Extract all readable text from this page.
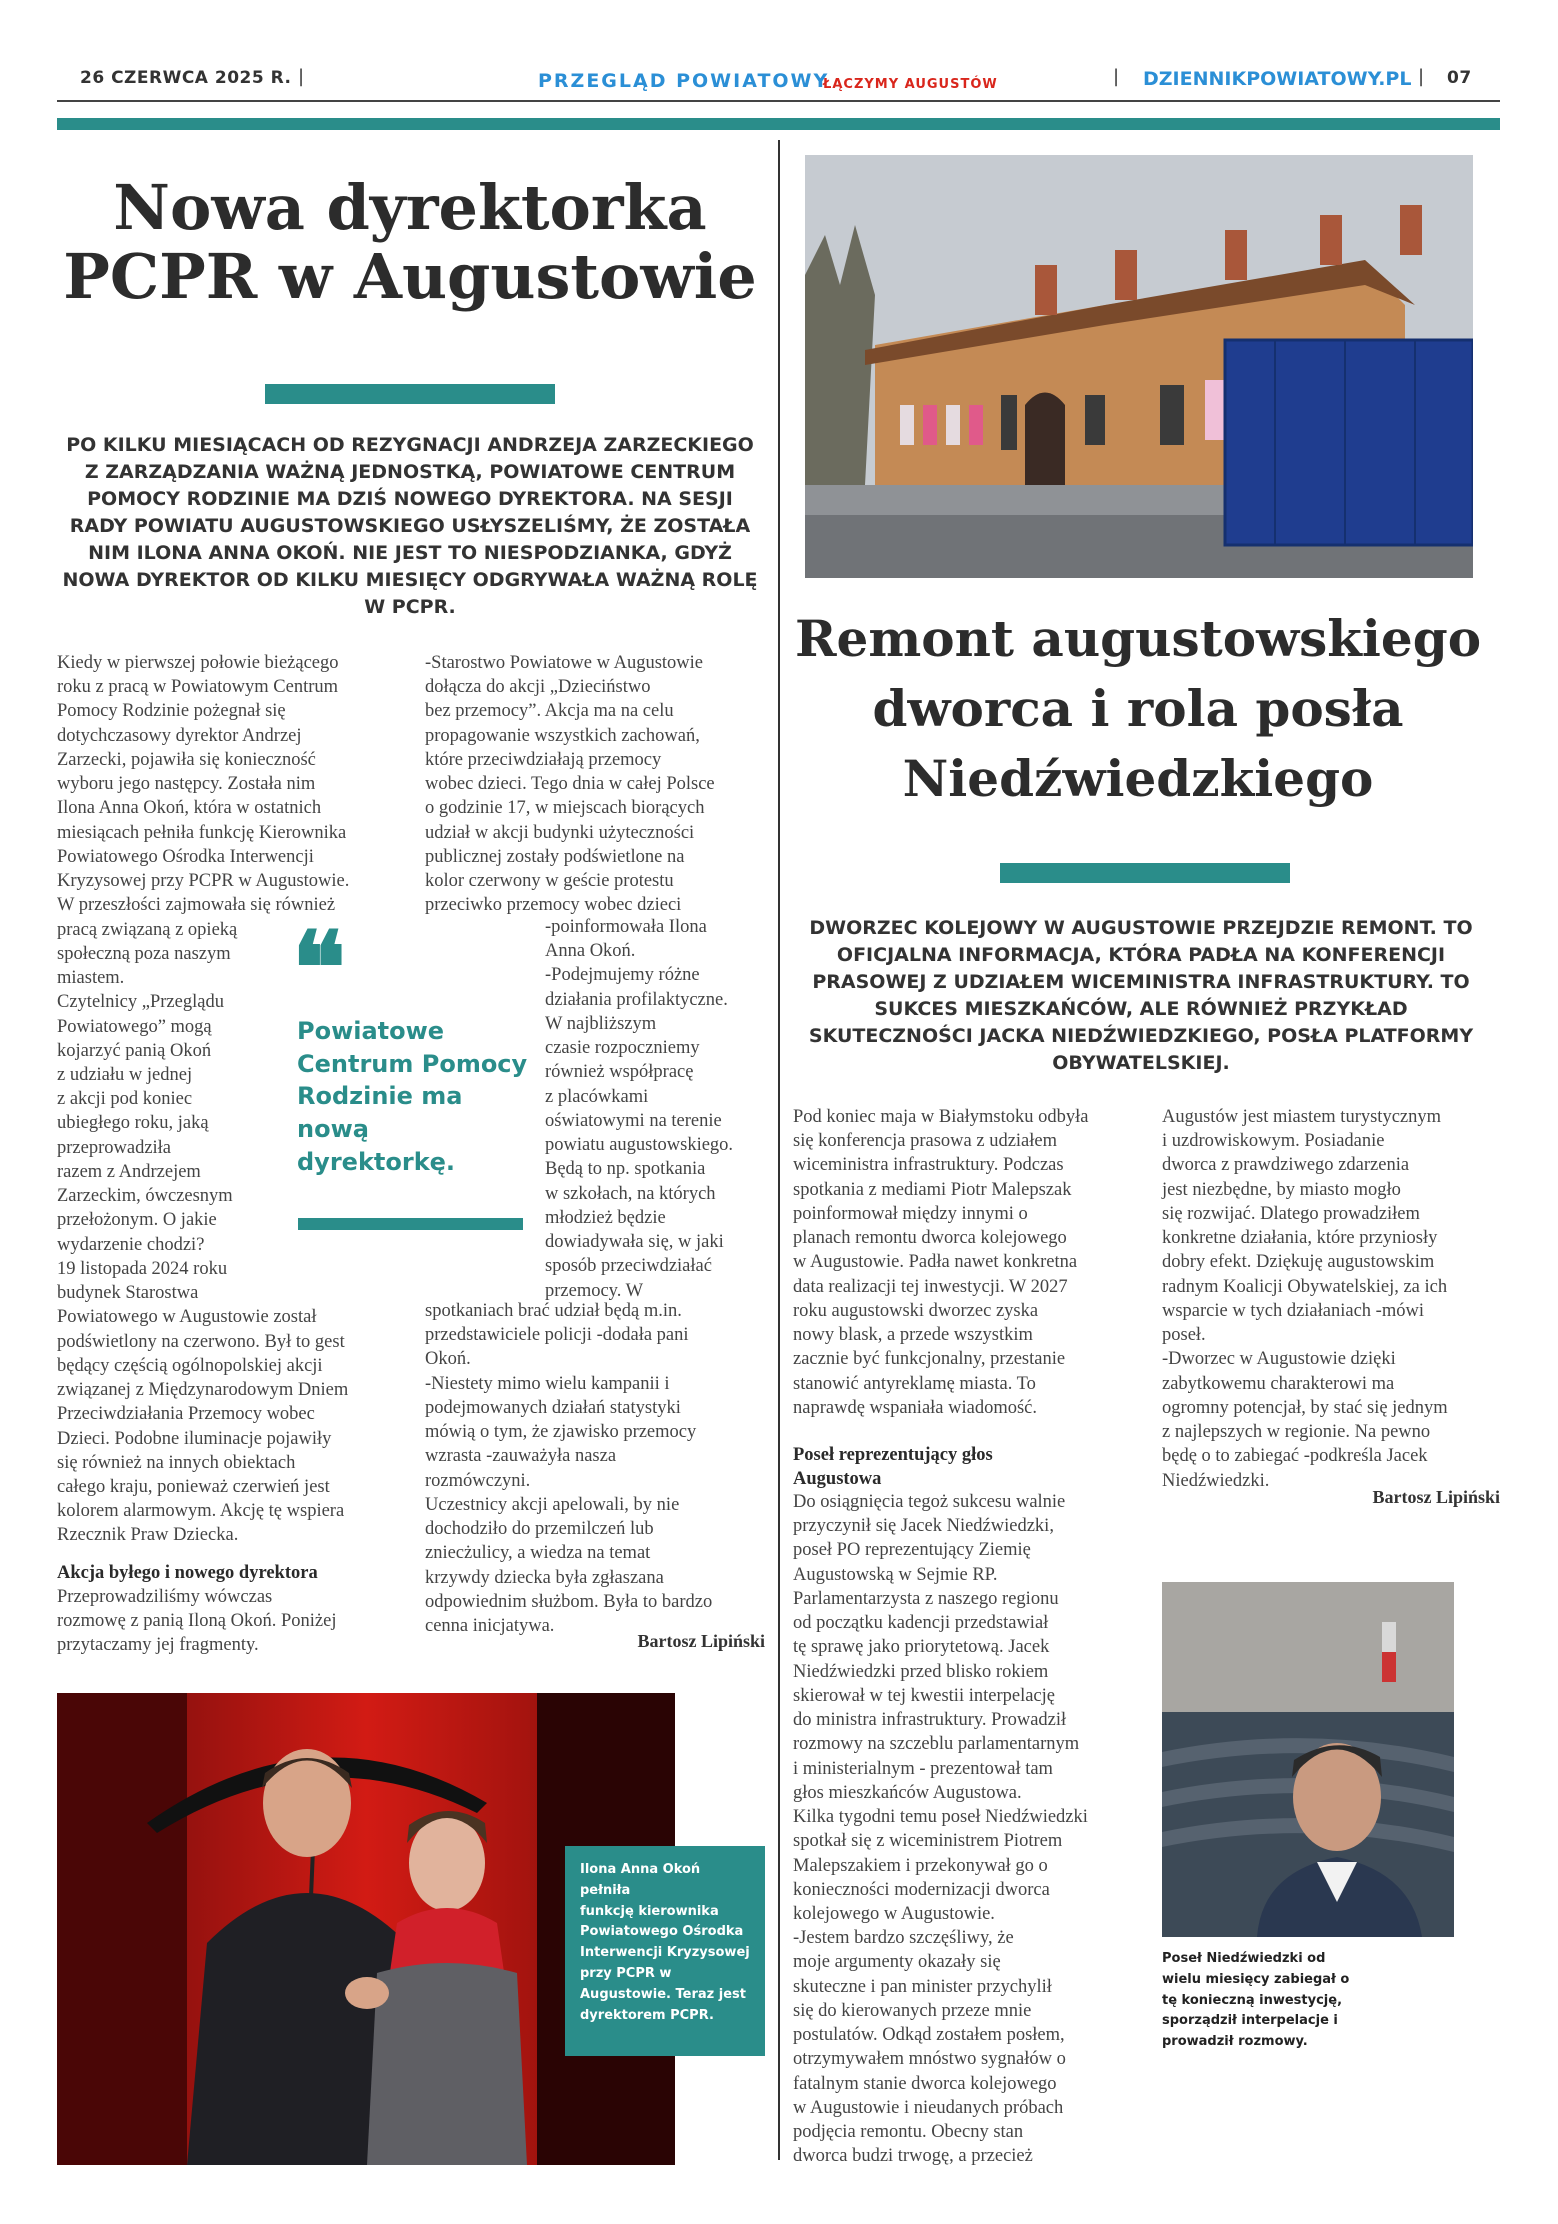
26 CZERWCA 2025 R. |	PRZEGLĄD POWIATOWY
ŁĄCZYMY AUGUSTÓW	| DZIENNIKPOWIATOWY.PL | 07
Nowa dyrektorka
PCPR w Augustowie
PO KILKU MIESIĄCACH OD REZYGNACJI ANDRZEJA ZARZECKIEGO Z ZARZĄDZANIA WAŻNĄ JEDNOSTKĄ, POWIATOWE CENTRUM POMOCY RODZINIE MA DZIŚ NOWEGO DYREKTORA. NA SESJI RADY POWIATU AUGUSTOWSKIEGO USŁYSZELIŚMY, ŻE ZOSTAŁA NIM ILONA ANNA OKOŃ. NIE JEST TO NIESPODZIANKA, GDYŻ NOWA DYREKTOR OD KILKU MIESIĘCY ODGRYWAŁA WAŻNĄ ROLĘ W PCPR.
Kiedy w pierwszej połowie bieżącego
roku z pracą w Powiatowym Centrum
Pomocy Rodzinie pożegnał się
dotychczasowy dyrektor Andrzej
Zarzecki, pojawiła się konieczność
wyboru jego następcy. Została nim
Ilona Anna Okoń, która w ostatnich
miesiącach pełniła funkcję Kierownika
Powiatowego Ośrodka Interwencji
Kryzysowej przy PCPR w Augustowie.
W przeszłości zajmowała się również
pracą związaną z opieką
społeczną poza naszym
miastem.
Czytelnicy „Przeglądu
Powiatowego” mogą
kojarzyć panią Okoń
z udziału w jednej
z akcji pod koniec
ubiegłego roku, jaką
przeprowadziła
razem z Andrzejem
Zarzeckim, ówczesnym
przełożonym. O jakie
wydarzenie chodzi?
19 listopada 2024 roku
budynek Starostwa
Powiatowego w Augustowie został
podświetlony na czerwono. Był to gest
będący częścią ogólnopolskiej akcji
związanej z Międzynarodowym Dniem
Przeciwdziałania Przemocy wobec
Dzieci. Podobne iluminacje pojawiły
się również na innych obiektach
całego kraju, ponieważ czerwień jest
kolorem alarmowym. Akcję tę wspiera
Rzecznik Praw Dziecka.
Akcja byłego i nowego dyrektora
Przeprowadziliśmy wówczas
rozmowę z panią Iloną Okoń. Poniżej
przytaczamy jej fragmenty.
-Starostwo Powiatowe w Augustowie
dołącza do akcji „Dzieciństwo
bez przemocy”. Akcja ma na celu
propagowanie wszystkich zachowań,
które przeciwdziałają przemocy
wobec dzieci. Tego dnia w całej Polsce
o godzinie 17, w miejscach biorących
udział w akcji budynki użyteczności
publicznej zostały podświetlone na
kolor czerwony w geście protestu
przeciwko przemocy wobec dzieci
-poinformowała Ilona
Anna Okoń.
-Podejmujemy różne
działania profilaktyczne.
W najbliższym
czasie rozpoczniemy
również współpracę
z placówkami
oświatowymi na terenie
powiatu augustowskiego.
Będą to np. spotkania
w szkołach, na których
młodzież będzie
dowiadywała się, w jaki
sposób przeciwdziałać
przemocy. W
spotkaniach brać udział będą m.in.
przedstawiciele policji -dodała pani
Okoń.
-Niestety mimo wielu kampanii i
podejmowanych działań statystyki
mówią o tym, że zjawisko przemocy
wzrasta -zauważyła nasza
rozmówczyni.
Uczestnicy akcji apelowali, by nie
dochodziło do przemilczeń lub
zniecżulicy, a wiedza na temat
krzywdy dziecka była zgłaszana
odpowiednim służbom. Była to bardzo
cenna inicjatywa.
❝
Powiatowe
Centrum Pomocy
Rodzinie ma nową
dyrektorkę.
Bartosz Lipiński
Ilona Anna Okoń pełniła
funkcję kierownika
Powiatowego Ośrodka
Interwencji Kryzysowej
przy PCPR w
Augustowie. Teraz jest
dyrektorem PCPR.
Remont augustowskiego
dworca i rola posła
Niedźwiedzkiego
DWORZEC KOLEJOWY W AUGUSTOWIE PRZEJDZIE REMONT. TO OFICJALNA INFORMACJA, KTÓRA PADŁA NA KONFERENCJI PRASOWEJ Z UDZIAŁEM WICEMINISTRA INFRASTRUKTURY. TO SUKCES MIESZKAŃCÓW, ALE RÓWNIEŻ PRZYKŁAD SKUTECZNOŚCI JACKA NIEDŹWIEDZKIEGO, POSŁA PLATFORMY OBYWATELSKIEJ.
Pod koniec maja w Białymstoku odbyła
się konferencja prasowa z udziałem
wiceministra infrastruktury. Podczas
spotkania z mediami Piotr Malepszak
poinformował między innymi o
planach remontu dworca kolejowego
w Augustowie. Padła nawet konkretna
data realizacji tej inwestycji. W 2027
roku augustowski dworzec zyska
nowy blask, a przede wszystkim
zacznie być funkcjonalny, przestanie
stanowić antyreklamę miasta. To
naprawdę wspaniała wiadomość.
Poseł reprezentujący głos
Augustowa
Do osiągnięcia tegoż sukcesu walnie
przyczynił się Jacek Niedźwiedzki,
poseł PO reprezentujący Ziemię
Augustowską w Sejmie RP.
Parlamentarzysta z naszego regionu
od początku kadencji przedstawiał
tę sprawę jako priorytetową. Jacek
Niedźwiedzki przed blisko rokiem
skierował w tej kwestii interpelację
do ministra infrastruktury. Prowadził
rozmowy na szczeblu parlamentarnym
i ministerialnym - prezentował tam
głos mieszkańców Augustowa.
Kilka tygodni temu poseł Niedźwiedzki
spotkał się z wiceministrem Piotrem
Malepszakiem i przekonywał go o
konieczności modernizacji dworca
kolejowego w Augustowie.
-Jestem bardzo szczęśliwy, że
moje argumenty okazały się
skuteczne i pan minister przychylił
się do kierowanych przeze mnie
postulatów. Odkąd zostałem posłem,
otrzymywałem mnóstwo sygnałów o
fatalnym stanie dworca kolejowego
w Augustowie i nieudanych próbach
podjęcia remontu. Obecny stan
dworca budzi trwogę, a przecież
Augustów jest miastem turystycznym
i uzdrowiskowym. Posiadanie
dworca z prawdziwego zdarzenia
jest niezbędne, by miasto mogło
się rozwijać. Dlatego prowadziłem
konkretne działania, które przyniosły
dobry efekt. Dziękuję augustowskim
radnym Koalicji Obywatelskiej, za ich
wsparcie w tych działaniach -mówi
poseł.
-Dworzec w Augustowie dzięki
zabytkowemu charakterowi ma
ogromny potencjał, by stać się jednym
z najlepszych w regionie. Na pewno
będę o to zabiegać -podkreśla Jacek
Niedźwiedzki.
Bartosz Lipiński
Poseł Niedźwiedzki od
wielu miesięcy zabiegał o
tę konieczną inwestycję,
sporządził interpelacje i
prowadził rozmowy.
